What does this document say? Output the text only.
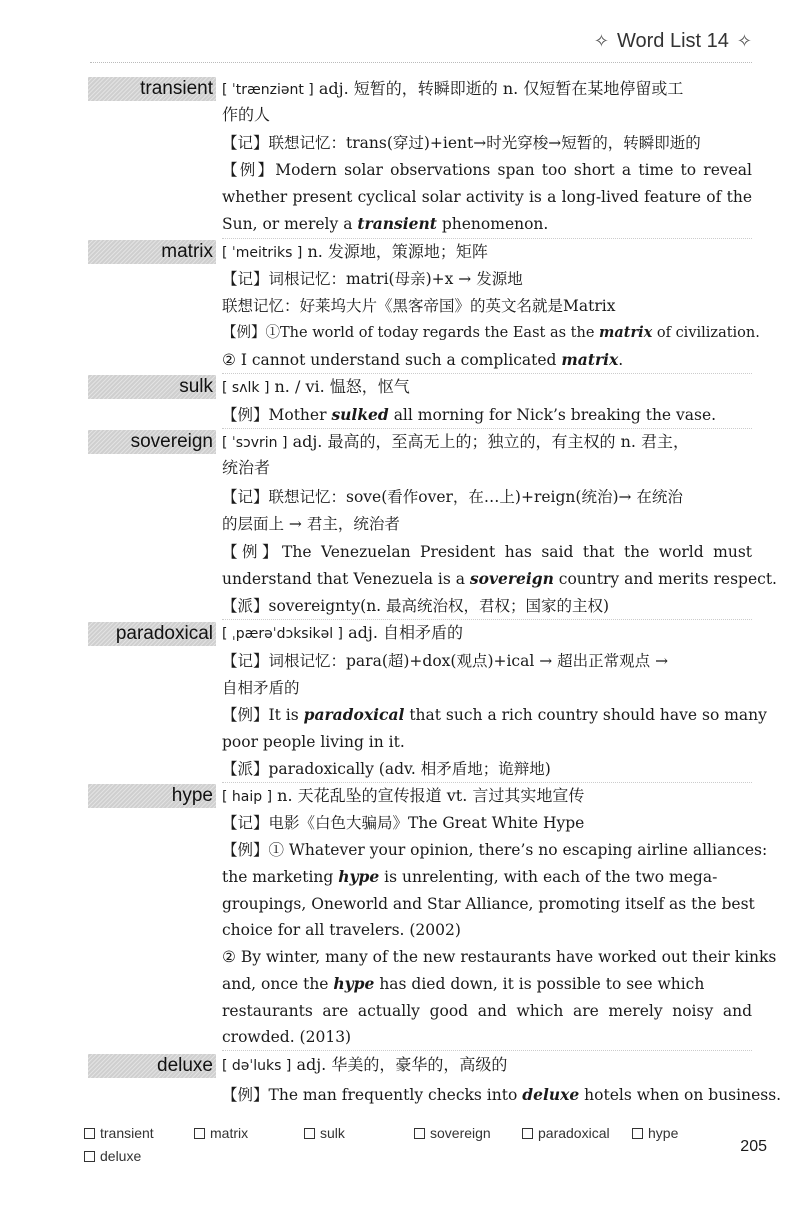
✧ Word List 14 ✧
transient [ ˈtrænziənt ] adj. 短暂的，转瞬即逝的 n. 仅短暂在某地停留或工
作的人
【记】联想记忆：trans(穿过)+ient→时光穿梭→短暂的，转瞬即逝的
【例】Modern solar observations span too short a time to reveal
whether present cyclical solar activity is a long-lived feature of the
Sun, or merely a transient phenomenon.
matrix [ ˈmeitriks ] n. 发源地，策源地；矩阵
【记】词根记忆：matri(母亲)+x → 发源地
联想记忆：好莱坞大片《黑客帝国》的英文名就是Matrix
【例】①The world of today regards the East as the matrix of civilization.
② I cannot understand such a complicated matrix.
sulk [ sʌlk ] n. / vi. 愠怒，怄气
【例】Mother sulked all morning for Nick’s breaking the vase.
sovereign [ ˈsɔvrin ] adj. 最高的，至高无上的；独立的，有主权的 n. 君主，
统治者
【记】联想记忆：sove(看作over，在…上)+reign(统治)→ 在统治
的层面上 → 君主，统治者
【例】The Venezuelan President has said that the world must
understand that Venezuela is a sovereign country and merits respect.
【派】sovereignty(n. 最高统治权，君权；国家的主权)
paradoxical [ ˌpærəˈdɔksikəl ] adj. 自相矛盾的
【记】词根记忆：para(超)+dox(观点)+ical → 超出正常观点 →
自相矛盾的
【例】It is paradoxical that such a rich country should have so many
poor people living in it.
【派】paradoxically (adv. 相矛盾地；诡辩地)
hype [ haip ] n. 天花乱坠的宣传报道 vt. 言过其实地宣传
【记】电影《白色大骗局》The Great White Hype
【例】① Whatever your opinion, there’s no escaping airline alliances:
the marketing hype is unrelenting, with each of the two mega-
groupings, Oneworld and Star Alliance, promoting itself as the best
choice for all travelers. (2002)
② By winter, many of the new restaurants have worked out their kinks
and, once the hype has died down, it is possible to see which
restaurants are actually good and which are merely noisy and
crowded. (2013)
deluxe [ dəˈluks ] adj. 华美的，豪华的，高级的
【例】The man frequently checks into deluxe hotels when on business.
transient	matrix	sulk	sovereign	paradoxical	hype
deluxe
205
